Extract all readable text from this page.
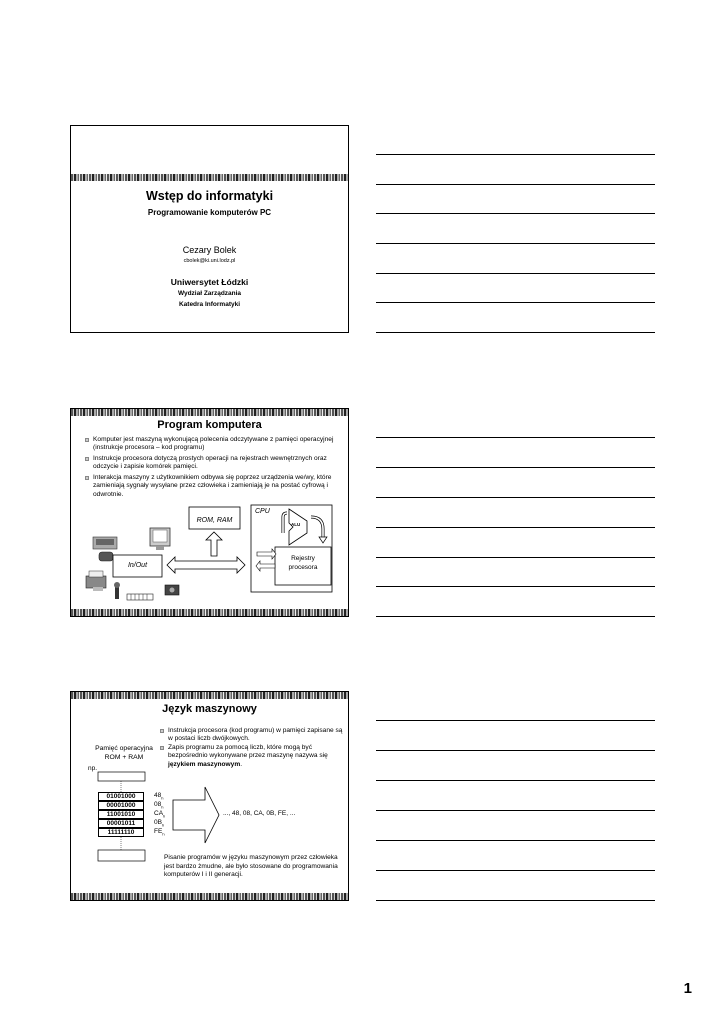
Wstęp do informatyki
Programowanie komputerów PC
Cezary Bolek
cbolek@ki.uni.lodz.pl
Uniwersytet Łódzki
Wydział Zarządzania
Katedra Informatyki
Program komputera
Komputer jest maszyną wykonującą polecenia odczytywane z pamięci operacyjnej (instrukcje procesora – kod programu)
Instrukcje procesora dotyczą prostych operacji na rejestrach wewnętrznych oraz odczycie i zapisie komórek pamięci.
Interakcja maszyny z użytkownikiem odbywa się poprzez urządzenia we/wy, które zamieniają sygnały wysyłane przez człowieka i zamieniają je na postać cyfrową i odwrotnie.
ROM, RAM
CPU
ALU
In/Out
Rejestry procesora
Język maszynowy
Instrukcja procesora (kod programu) w pamięci zapisane są w postaci liczb dwójkowych.
Zapis programu za pomocą liczb, które mogą być bezpośrednio wykonywane przez maszynę nazywa się językiem maszynowym.
Pamięć operacyjna ROM + RAM
np.
01001000
00001000
11001010
00001011
11111110
$48_h$
$08_h$
$CA_h$
$0B_h$
$FE_h$
..., 48, 08, CA, 0B, FE, ...
Pisanie programów w języku maszynowym przez człowieka jest bardzo żmudne, ale było stosowane do programowania komputerów I i II generacji.
1
